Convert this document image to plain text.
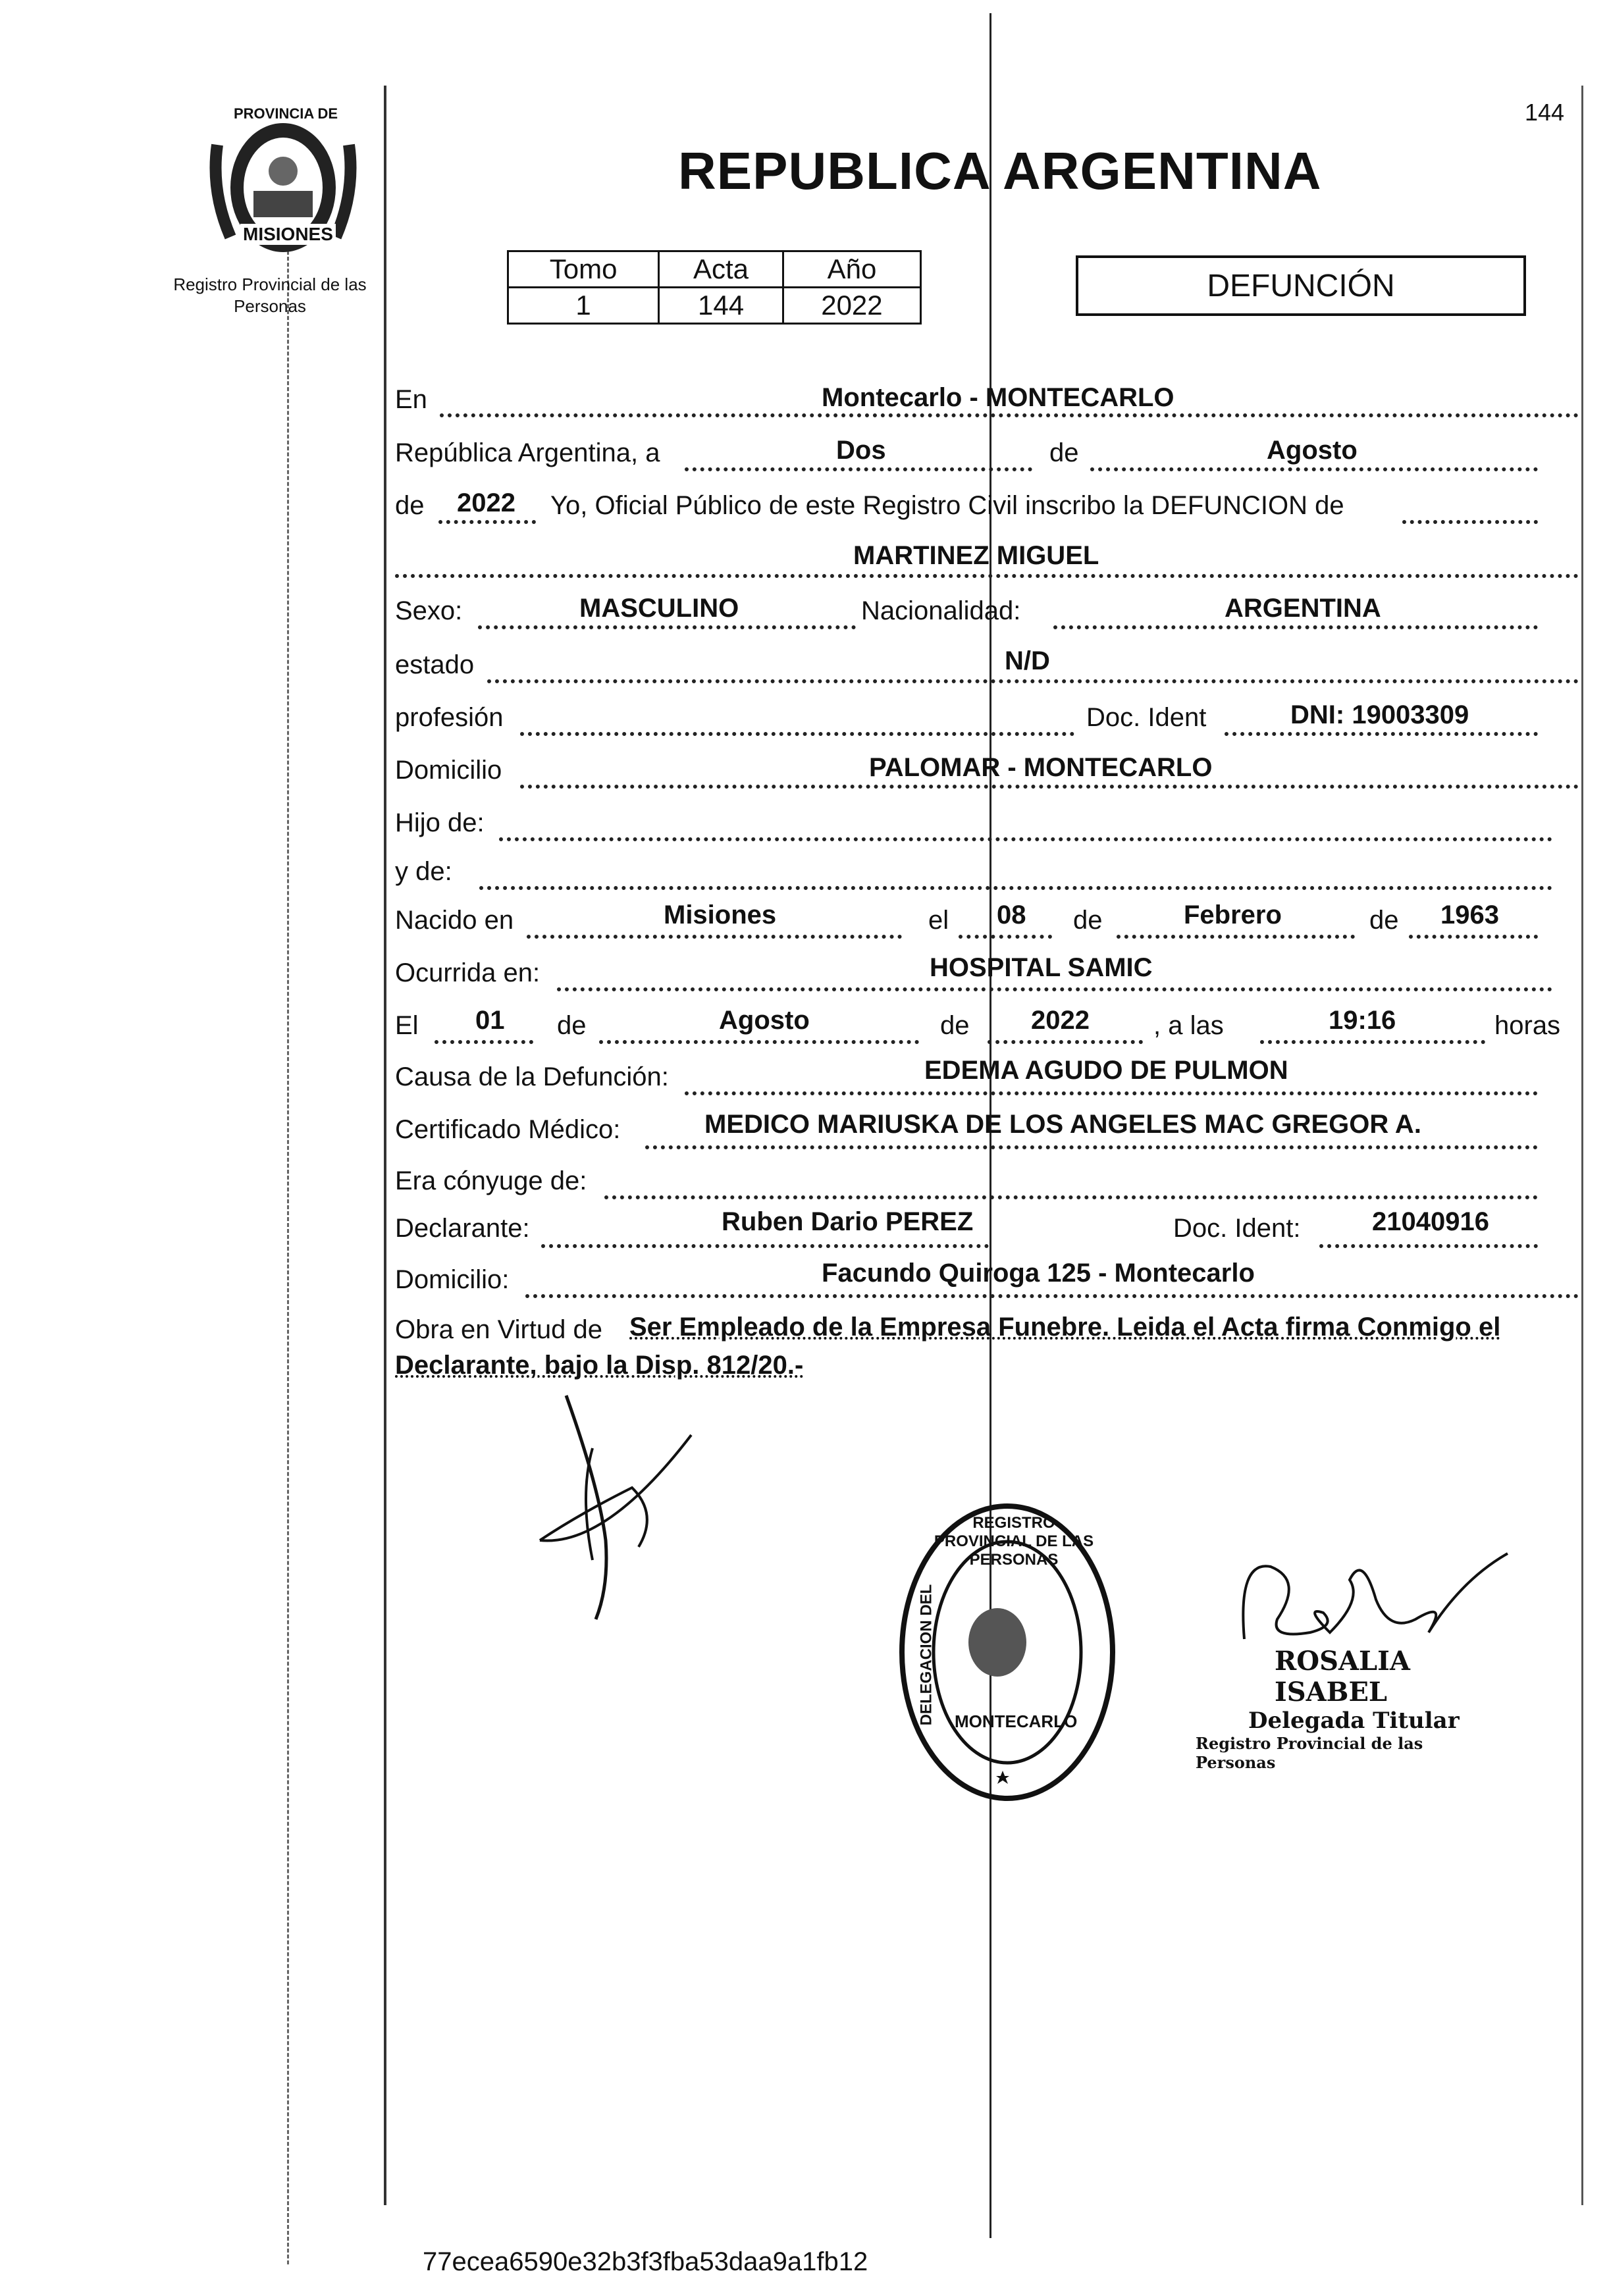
PROVINCIA DE
MISIONES
Registro Provincial de las Personas
144
REPUBLICA ARGENTINA
Tomo	Acta	Año
1	144	2022
DEFUNCIÓN
En	Montecarlo - MONTECARLO
República Argentina, a	Dos	de	Agosto
de 2022 Yo, Oficial Público de este Registro Civil inscribo la DEFUNCION de
MARTINEZ MIGUEL
Sexo:	MASCULINO	Nacionalidad:	ARGENTINA
estado	N/D
profesión	Doc. Ident	DNI: 19003309
Domicilio	PALOMAR - MONTECARLO
Hijo de:
y de:
Nacido en	Misiones	el 08 de	Febrero	de 1963
Ocurrida en:	HOSPITAL SAMIC
El 01 de	Agosto	de 2022 , a las	19:16	horas
Causa de la Defunción:	EDEMA AGUDO DE PULMON
Certificado Médico:	MEDICO MARIUSKA DE LOS ANGELES MAC GREGOR A.
Era cónyuge de:
Declarante:	Ruben Dario PEREZ	Doc. Ident:	21040916
Domicilio:	Facundo Quiroga 125 - Montecarlo
Obra en Virtud de Ser Empleado de la Empresa Funebre. Leida el Acta firma Conmigo el
Declarante, bajo la Disp. 812/20.-
REGISTRO PROVINCIAL DE LAS PERSONAS
DELEGACION DEL MONTECARLO
ROSALIA ISABEL
Delegada Titular
Registro Provincial de las Personas
77ecea6590e32b3f3fba53daa9a1fb12
